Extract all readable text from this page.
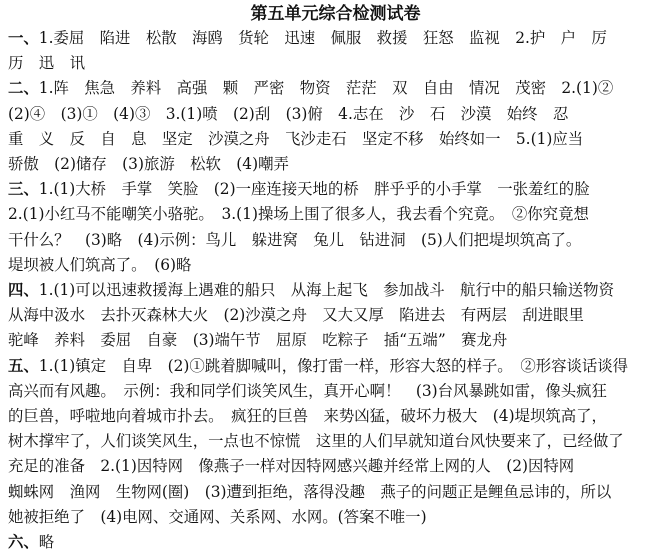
第五单元综合检测试卷

一、1.委屈　陷进　松散　海鸥　货轮　迅速　佩服　救援　狂怒　监视　2.护　户　厉

历　迅　讯

二、1.阵　焦急　养料　高强　颗　严密　物资　茫茫　双　自由　情况　茂密　2.(1)②

(2)④　(3)①　(4)③　3.(1)喷　(2)刮　(3)俯　4.志在　沙　石　沙漠　始终　忍

重　义　反　自　息　坚定　沙漠之舟　飞沙走石　坚定不移　始终如一　5.(1)应当

骄傲　(2)储存　(3)旅游　松软　(4)嘲弄

三、1.(1)大桥　手掌　笑脸　(2)一座连接天地的桥　胖乎乎的小手掌　一张羞红的脸

2.(1)小红马不能嘲笑小骆驼。　3.(1)操场上围了很多人，我去看个究竟。　②你究竟想

干什么？　(3)略　(4)示例：鸟儿　躲进窝　兔儿　钻进洞　(5)人们把堤坝筑高了。

堤坝被人们筑高了。　(6)略

四、1.(1)可以迅速救援海上遇难的船只　从海上起飞　参加战斗　航行中的船只输送物资

从海中汲水　去扑灭森林大火　(2)沙漠之舟　又大又厚　陷进去　有两层　刮进眼里

驼峰　养料　委屈　自豪　(3)端午节　屈原　吃粽子　插“五端”　赛龙舟

五、1.(1)镇定　自卑　(2)①跳着脚喊叫，像打雷一样，形容大怒的样子。　②形容谈话谈得

高兴而有风趣。　示例：我和同学们谈笑风生，真开心啊！　(3)台风暴跳如雷，像头疯狂

的巨兽，呼啦地向着城市扑去。　疯狂的巨兽　来势凶猛，破坏力极大　(4)堤坝筑高了，

树木撑牢了，人们谈笑风生，一点也不惊慌　这里的人们早就知道台风快要来了，已经做了

充足的准备　2.(1)因特网　像燕子一样对因特网感兴趣并经常上网的人　(2)因特网

蜘蛛网　渔网　生物网(圈)　(3)遭到拒绝，落得没趣　燕子的问题正是鲤鱼忌讳的，所以

她被拒绝了　(4)电网、交通网、关系网、水网。(答案不唯一)

六、略
